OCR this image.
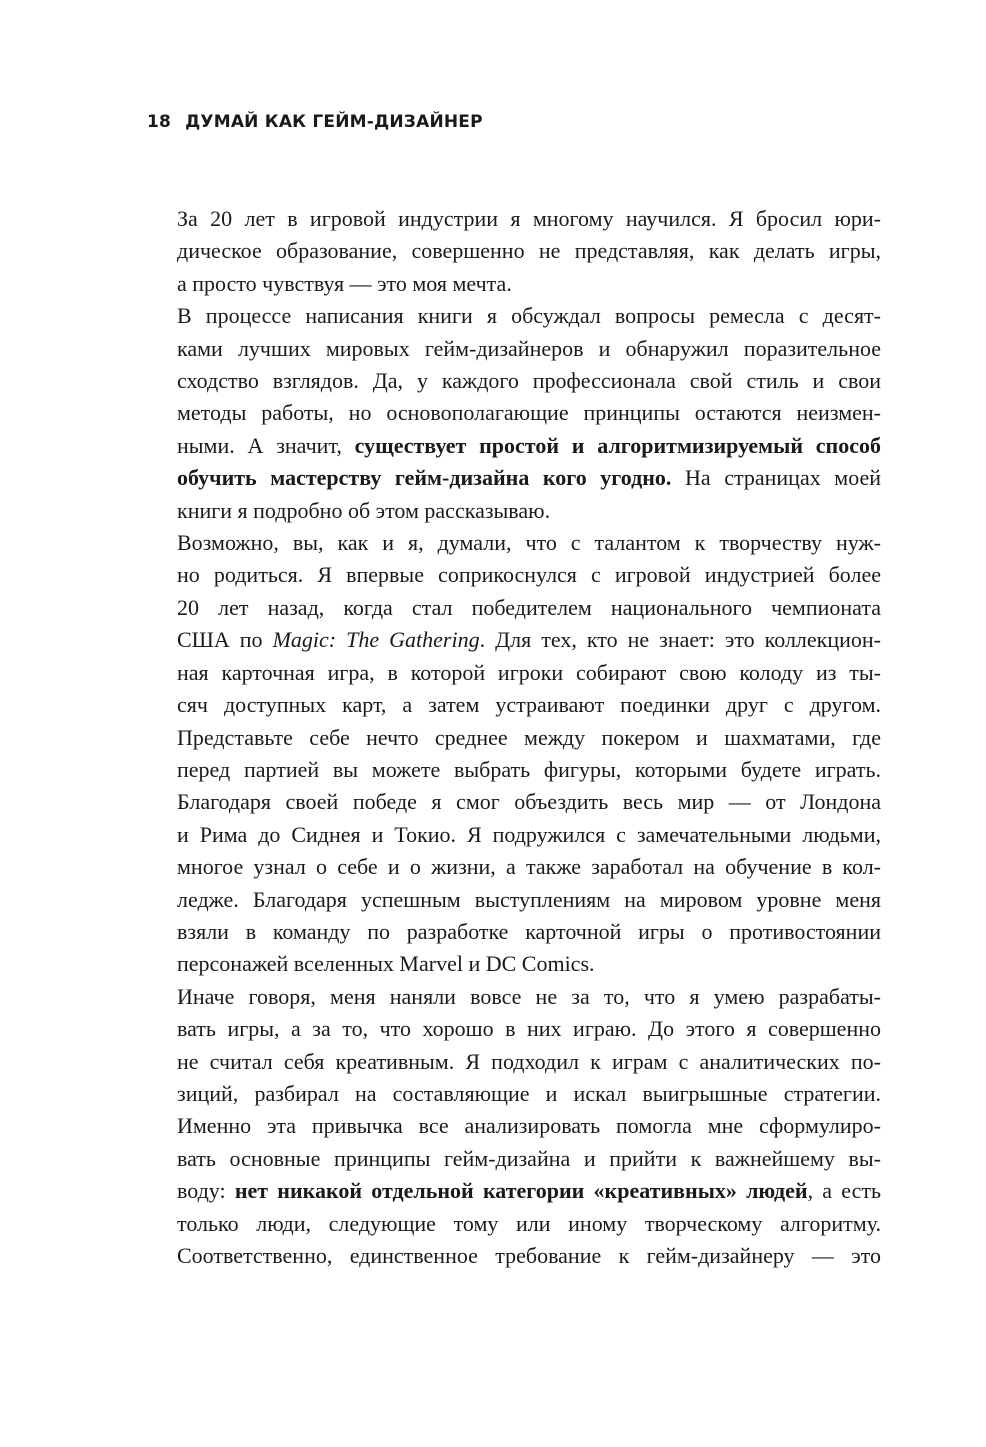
18 ДУМАЙ КАК ГЕЙМ-ДИЗАЙНЕР

За 20 лет в игровой индустрии я многому научился. Я бросил юри-
дическое образование, совершенно не представляя, как делать игры,
а просто чувствуя — это моя мечта.

В процессе написания книги я обсуждал вопросы ремесла с десят-
ками лучших мировых гейм-дизайнеров и обнаружил поразительное
сходство взглядов. Да, у каждого профессионала свой стиль и свои
методы работы, но основополагающие принципы остаются неизмен-
ными. А значит, существует простой и алгоритмизируемый способ
обучить мастерству гейм-дизайна кого угодно. На страницах моей
книги я подробно об этом рассказываю.

Возможно, вы, как и я, думали, что с талантом к творчеству нуж-
но родиться. Я впервые соприкоснулся с игровой индустрией более
20 лет назад, когда стал победителем национального чемпионата
США по Magic: The Gathering. Для тех, кто не знает: это коллекцион-
ная карточная игра, в которой игроки собирают свою колоду из ты-
сяч доступных карт, а затем устраивают поединки друг с другом.
Представьте себе нечто среднее между покером и шахматами, где
перед партией вы можете выбрать фигуры, которыми будете играть.
Благодаря своей победе я смог объездить весь мир — от Лондона
и Рима до Сиднея и Токио. Я подружился с замечательными людьми,
многое узнал о себе и о жизни, а также заработал на обучение в кол-
ледже. Благодаря успешным выступлениям на мировом уровне меня
взяли в команду по разработке карточной игры о противостоянии
персонажей вселенных Marvel и DC Comics.

Иначе говоря, меня наняли вовсе не за то, что я умею разрабаты-
вать игры, а за то, что хорошо в них играю. До этого я совершенно
не считал себя креативным. Я подходил к играм с аналитических по-
зиций, разбирал на составляющие и искал выигрышные стратегии.
Именно эта привычка все анализировать помогла мне сформулиро-
вать основные принципы гейм-дизайна и прийти к важнейшему вы-
воду: нет никакой отдельной категории «креативных» людей, а есть
только люди, следующие тому или иному творческому алгоритму.
Соответственно, единственное требование к гейм-дизайнеру — это
